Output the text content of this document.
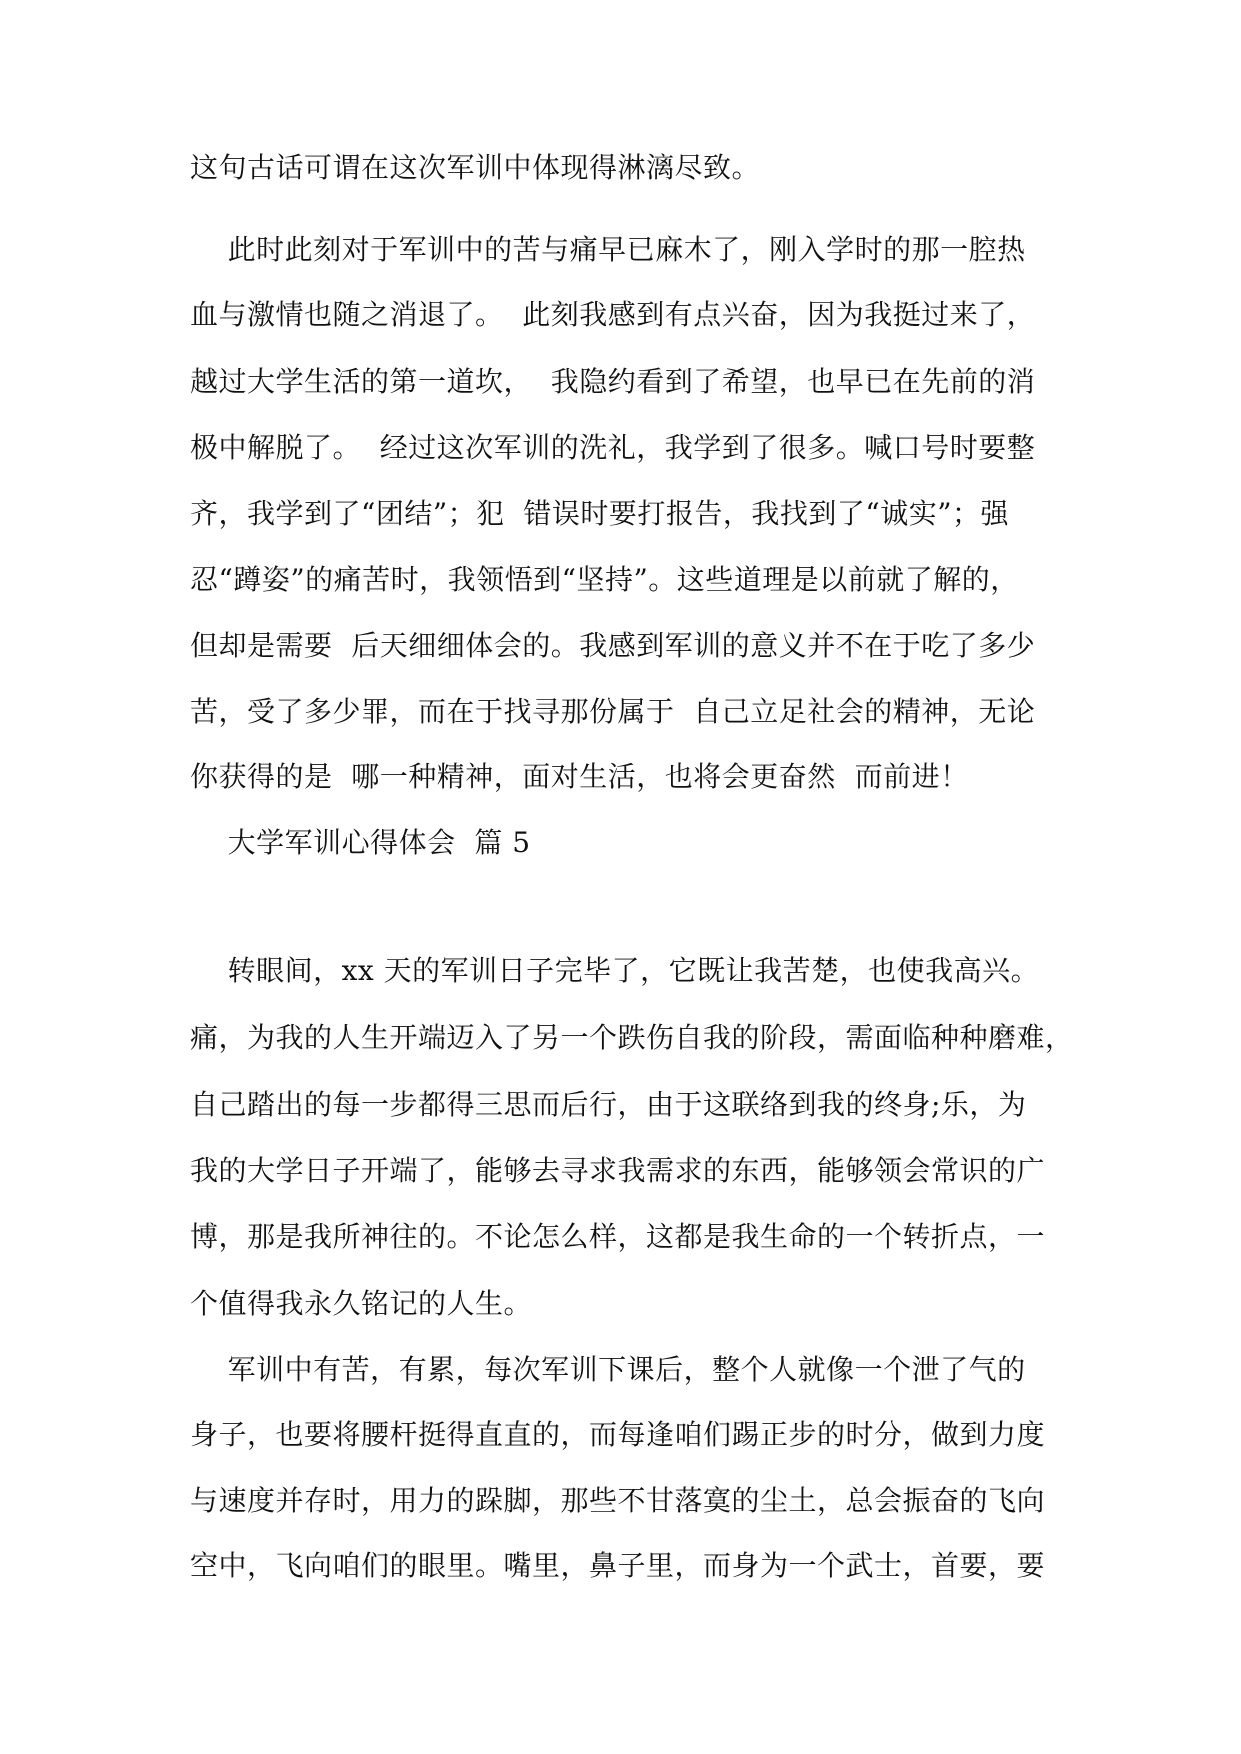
这句古话可谓在这次军训中体现得淋漓尽致。
此时此刻对于军训中的苦与痛早已麻木了，刚入学时的那一腔热
血与激情也随之消退了。  此刻我感到有点兴奋，因为我挺过来了，
越过大学生活的第一道坎，  我隐约看到了希望，也早已在先前的消
极中解脱了。  经过这次军训的洗礼，我学到了很多。喊口号时要整
齐，我学到了“团结”；犯  错误时要打报告，我找到了“诚实”；强
忍“蹲姿”的痛苦时，我领悟到“坚持”。这些道理是以前就了解的，
但却是需要  后天细细体会的。我感到军训的意义并不在于吃了多少
苦，受了多少罪，而在于找寻那份属于  自己立足社会的精神，无论
你获得的是  哪一种精神，面对生活，也将会更奋然  而前进！
大学军训心得体会  篇 5
转眼间，xx 天的军训日子完毕了，它既让我苦楚，也使我高兴。
痛，为我的人生开端迈入了另一个跌伤自我的阶段，需面临种种磨难，
自己踏出的每一步都得三思而后行，由于这联络到我的终身;乐，为
我的大学日子开端了，能够去寻求我需求的东西，能够领会常识的广
博，那是我所神往的。不论怎么样，这都是我生命的一个转折点，一
个值得我永久铭记的人生。
军训中有苦，有累，每次军训下课后，整个人就像一个泄了气的
身子，也要将腰杆挺得直直的，而每逢咱们踢正步的时分，做到力度
与速度并存时，用力的跺脚，那些不甘落寞的尘土，总会振奋的飞向
空中，飞向咱们的眼里。嘴里，鼻子里，而身为一个武士，首要，要
